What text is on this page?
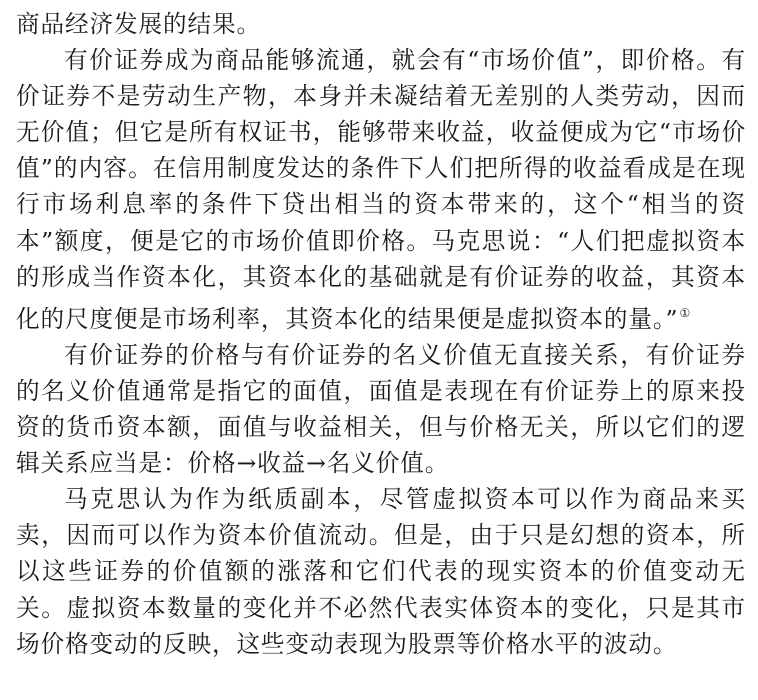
商品经济发展的结果。

有价证券成为商品能够流通，就会有“市场价值”，即价格。有价证券不是劳动生产物，本身并未凝结着无差别的人类劳动，因而无价值；但它是所有权证书，能够带来收益，收益便成为它“市场价值”的内容。在信用制度发达的条件下人们把所得的收益看成是在现行市场利息率的条件下贷出相当的资本带来的，这个“相当的资本”额度，便是它的市场价值即价格。马克思说：“人们把虚拟资本的形成当作资本化，其资本化的基础就是有价证券的收益，其资本化的尺度便是市场利率，其资本化的结果便是虚拟资本的量。”①

有价证券的价格与有价证券的名义价值无直接关系，有价证券的名义价值通常是指它的面值，面值是表现在有价证券上的原来投资的货币资本额，面值与收益相关，但与价格无关，所以它们的逻辑关系应当是：价格→收益→名义价值。

马克思认为作为纸质副本，尽管虚拟资本可以作为商品来买卖，因而可以作为资本价值流动。但是，由于只是幻想的资本，所以这些证券的价值额的涨落和它们代表的现实资本的价值变动无关。虚拟资本数量的变化并不必然代表实体资本的变化，只是其市场价格变动的反映，这些变动表现为股票等价格水平的波动。
